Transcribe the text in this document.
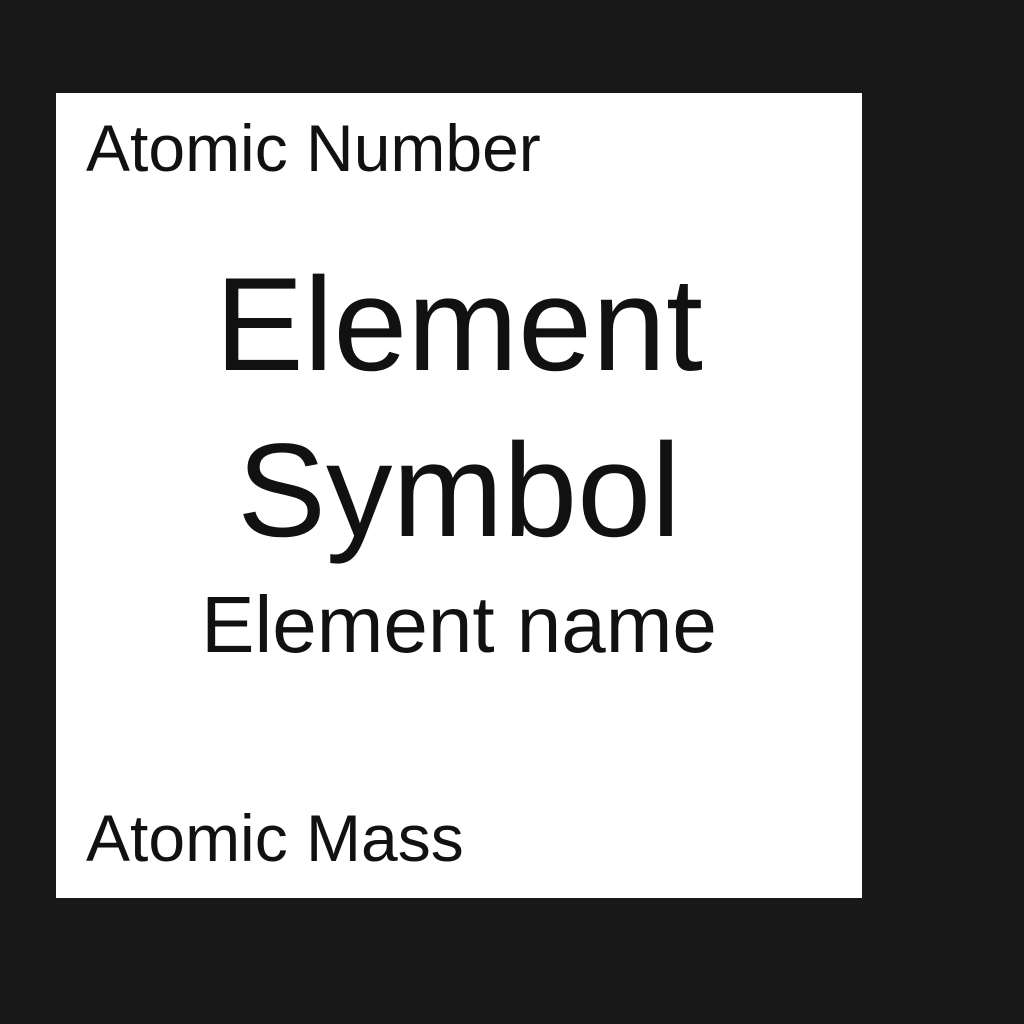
Atomic Number
Element
Symbol
Element name
Atomic Mass
